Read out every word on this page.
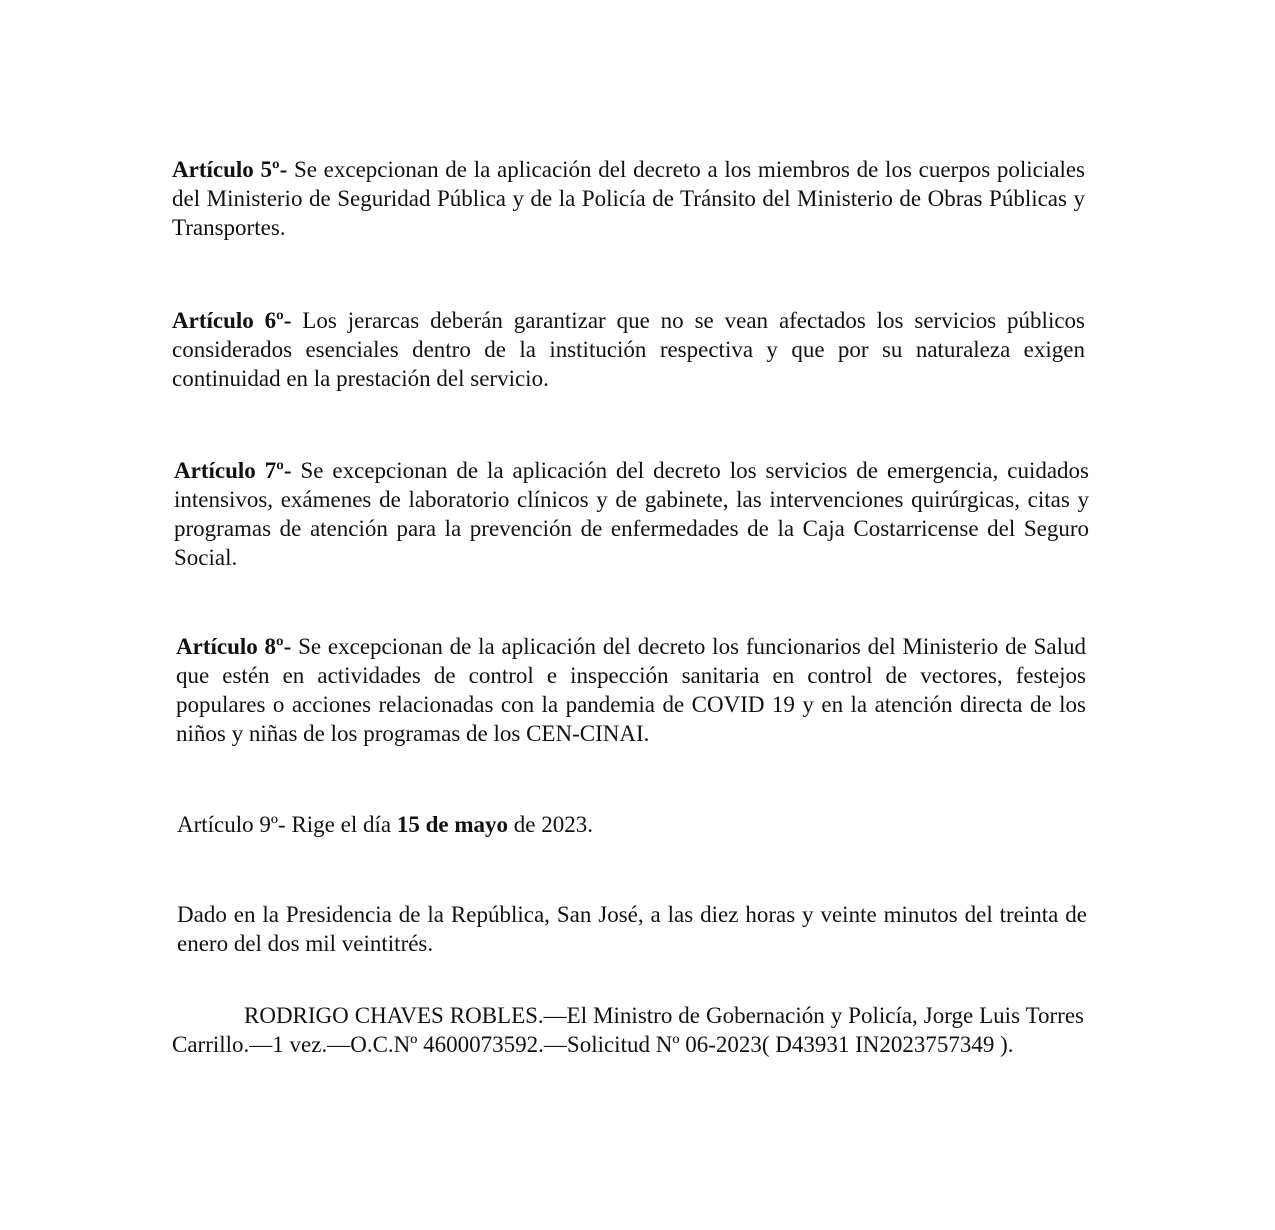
Artículo 5º- Se excepcionan de la aplicación del decreto a los miembros de los cuerpos policiales del Ministerio de Seguridad Pública y de la Policía de Tránsito del Ministerio de Obras Públicas y Transportes.

Artículo 6º- Los jerarcas deberán garantizar que no se vean afectados los servicios públicos considerados esenciales dentro de la institución respectiva y que por su naturaleza exigen continuidad en la prestación del servicio.

Artículo 7º- Se excepcionan de la aplicación del decreto los servicios de emergencia, cuidados intensivos, exámenes de laboratorio clínicos y de gabinete, las intervenciones quirúrgicas, citas y programas de atención para la prevención de enfermedades de la Caja Costarricense del Seguro Social.

Artículo 8º- Se excepcionan de la aplicación del decreto los funcionarios del Ministerio de Salud que estén en actividades de control e inspección sanitaria en control de vectores, festejos populares o acciones relacionadas con la pandemia de COVID 19 y en la atención directa de los niños y niñas de los programas de los CEN-CINAI.

Artículo 9º- Rige el día 15 de mayo de 2023.

Dado en la Presidencia de la República, San José, a las diez horas y veinte minutos del treinta de enero del dos mil veintitrés.

RODRIGO CHAVES ROBLES.—El Ministro de Gobernación y Policía, Jorge Luis Torres Carrillo.—1 vez.—O.C.Nº 4600073592.—Solicitud Nº 06-2023( D43931 IN2023757349 ).
